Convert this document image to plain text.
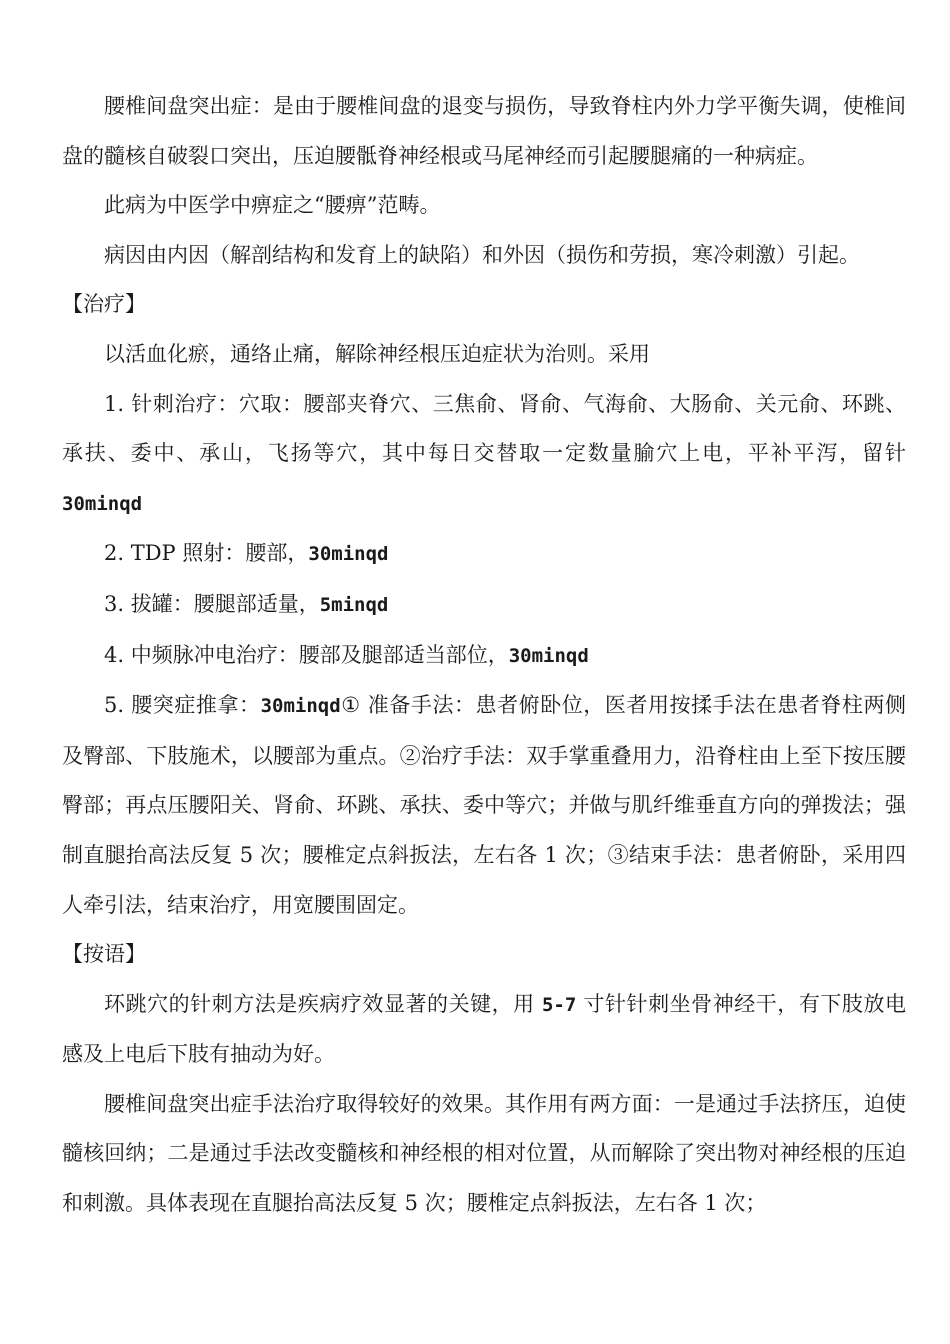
腰椎间盘突出症：是由于腰椎间盘的退变与损伤，导致脊柱内外力学平衡失调，使椎间盘的髓核自破裂口突出，压迫腰骶脊神经根或马尾神经而引起腰腿痛的一种病症。

此病为中医学中痹症之“腰痹”范畴。

病因由内因（解剖结构和发育上的缺陷）和外因（损伤和劳损，寒冷刺激）引起。

【治疗】

以活血化瘀，通络止痛，解除神经根压迫症状为治则。采用

1. 针刺治疗：穴取：腰部夹脊穴、三焦俞、肾俞、气海俞、大肠俞、关元俞、环跳、承扶、委中、承山，飞扬等穴，其中每日交替取一定数量腧穴上电，平补平泻，留针 30minqd

2. TDP 照射：腰部，30minqd

3. 拔罐：腰腿部适量，5minqd

4. 中频脉冲电治疗：腰部及腿部适当部位，30minqd

5. 腰突症推拿：30minqd① 准备手法：患者俯卧位，医者用按揉手法在患者脊柱两侧及臀部、下肢施术，以腰部为重点。②治疗手法：双手掌重叠用力，沿脊柱由上至下按压腰臀部；再点压腰阳关、肾俞、环跳、承扶、委中等穴；并做与肌纤维垂直方向的弹拨法；强制直腿抬高法反复 5 次；腰椎定点斜扳法，左右各 1 次；③结束手法：患者俯卧，采用四人牵引法，结束治疗，用宽腰围固定。

【按语】

环跳穴的针刺方法是疾病疗效显著的关键，用 5-7 寸针针刺坐骨神经干，有下肢放电感及上电后下肢有抽动为好。

腰椎间盘突出症手法治疗取得较好的效果。其作用有两方面：一是通过手法挤压，迫使髓核回纳；二是通过手法改变髓核和神经根的相对位置，从而解除了突出物对神经根的压迫和刺激。具体表现在直腿抬高法反复 5 次；腰椎定点斜扳法，左右各 1 次；
